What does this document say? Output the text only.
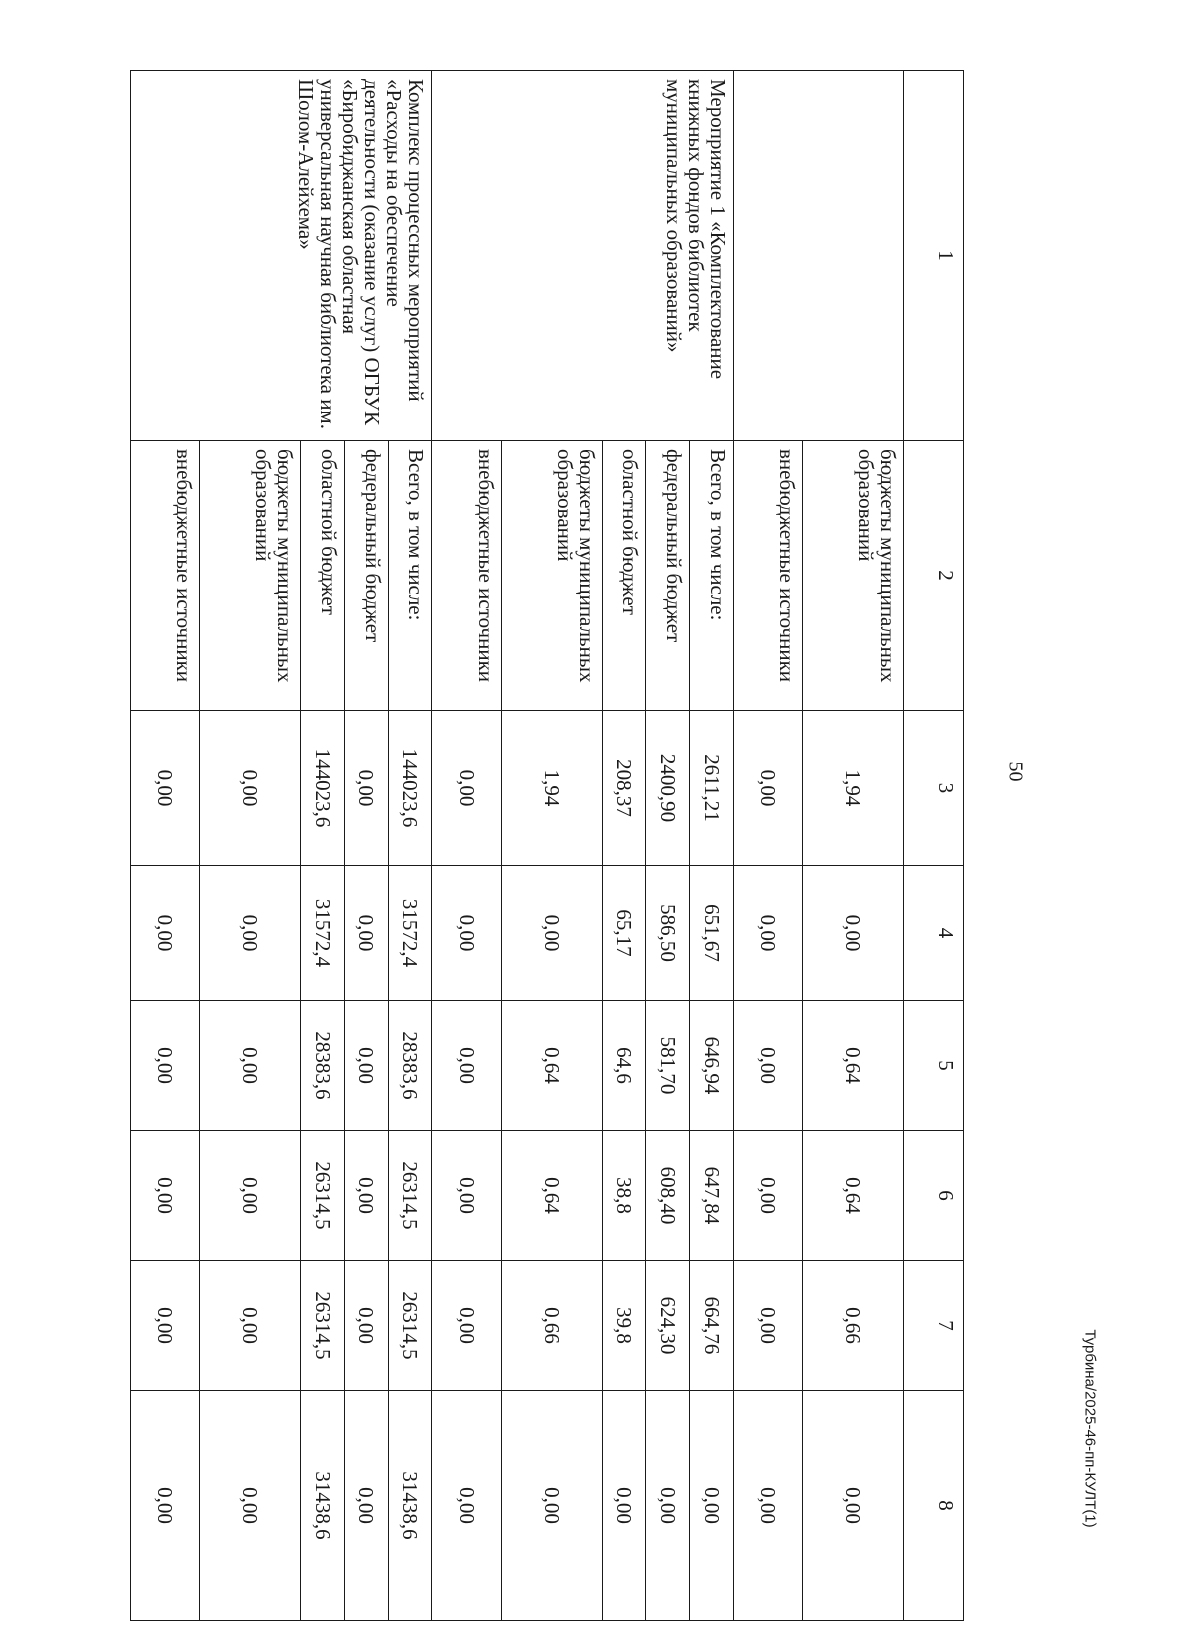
50
Турбина/2025-46-пп-КУЛТ(1)
1	2	3	4	5	6	7	8
	бюджеты муниципальных образований	1,94	0,00	0,64	0,64	0,66	0,00
	внебюджетные источники	0,00	0,00	0,00	0,00	0,00	0,00
Мероприятие 1 «Комплектование книжных фондов библиотек муниципальных образований»	Всего, в том числе:	2611,21	651,67	646,94	647,84	664,76	0,00
	федеральный бюджет	2400,90	586,50	581,70	608,40	624,30	0,00
	областной бюджет	208,37	65,17	64,6	38,8	39,8	0,00
	бюджеты муниципальных образований	1,94	0,00	0,64	0,64	0,66	0,00
	внебюджетные источники	0,00	0,00	0,00	0,00	0,00	0,00
Комплекс процессных мероприятий «Расходы на обеспечение деятельности (оказание услуг) ОГБУК «Биробиджанская областная универсальная научная библиотека им. Шолом-Алейхема»	Всего, в том числе:	144023,6	31572,4	28383,6	26314,5	26314,5	31438,6
	федеральный бюджет	0,00	0,00	0,00	0,00	0,00	0,00
	областной бюджет	144023,6	31572,4	28383,6	26314,5	26314,5	31438,6
	бюджеты муниципальных образований	0,00	0,00	0,00	0,00	0,00	0,00
	внебюджетные источники	0,00	0,00	0,00	0,00	0,00	0,00
